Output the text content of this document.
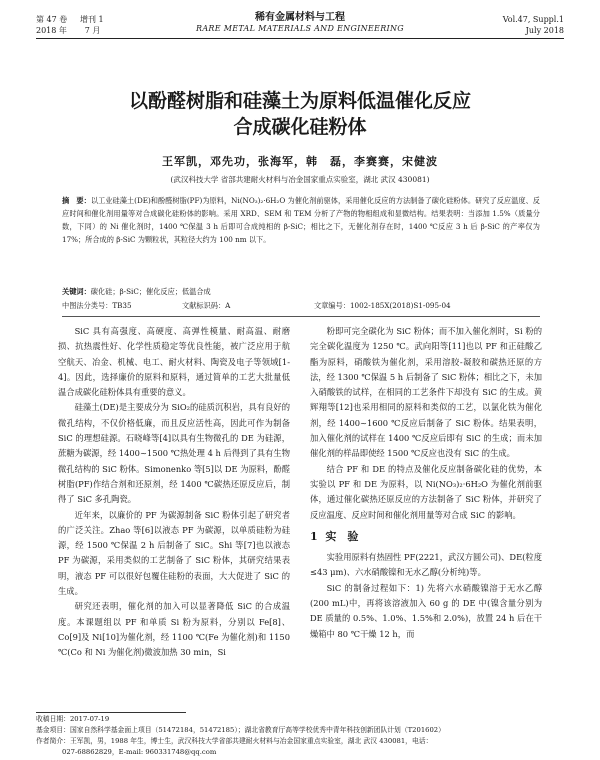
第 47 卷 增刊 1
2018 年 7 月
稀有金属材料与工程
RARE METAL MATERIALS AND ENGINEERING
Vol.47, Suppl.1
July 2018
以酚醛树脂和硅藻土为原料低温催化反应
合成碳化硅粉体
王军凯，邓先功，张海军，韩　磊，李赛赛，宋健波
(武汉科技大学 省部共建耐火材料与冶金国家重点实验室，湖北 武汉 430081)
摘　要：以工业硅藻土(DE)和酚醛树脂(PF)为原料，Ni(NO₃)₂·6H₂O 为催化剂前驱体，采用催化反应的方法制备了碳化硅粉体。研究了反应温度、反应时间和催化剂用量等对合成碳化硅粉体的影响。采用 XRD、SEM 和 TEM 分析了产物的物相组成和显微结构。结果表明：当添加 1.5%（质量分数，下同）的 Ni 催化剂时，1400 ℃保温 3 h 后即可合成纯相的 β-SiC；相比之下，无催化剂存在时，1400 ℃反应 3 h 后 β-SiC 的产率仅为 17%；所合成的 β-SiC 为颗粒状，其粒径大约为 100 nm 以下。
关键词：碳化硅；β-SiC；催化反应；低温合成
中图法分类号：TB35	文献标识码：A	文章编号：1002-185X(2018)S1-095-04

SiC 具有高强度、高硬度、高弹性模量、耐高温、耐磨损、抗热震性好、化学性质稳定等优良性能，被广泛应用于航空航天、冶金、机械、电工、耐火材料、陶瓷及电子等领域[1-4]。因此，选择廉价的原料和原料，通过简单的工艺大批量低温合成碳化硅粉体具有重要的意义。

硅藻土(DE)是主要成分为 SiO₂的硅质沉积岩，具有良好的微孔结构，不仅价格低廉，而且反应活性高，因此可作为制备 SiC 的理想硅源。石晓峰等[4]以具有生物微孔的 DE 为硅源，蔗糖为碳源，经 1400~1500 ℃热处理 4 h 后得到了具有生物微孔结构的 SiC 粉体。Simonenko 等[5]以 DE 为原料，酚醛树脂(PF)作结合剂和还原剂，经 1400 ℃碳热还原反应后，制得了 SiC 多孔陶瓷。

近年来，以廉价的 PF 为碳源制备 SiC 粉体引起了研究者的广泛关注。Zhao 等[6]以液态 PF 为碳源，以单质硅粉为硅源，经 1500 ℃保温 2 h 后制备了 SiC。Shi 等[7]也以液态 PF 为碳源，采用类似的工艺制备了 SiC 粉体，其研究结果表明，液态 PF 可以很好包覆住硅粉的表面，大大促进了 SiC 的生成。

研究还表明，催化剂的加入可以显著降低 SiC 的合成温度。本课题组以 PF 和单质 Si 粉为原料，分别以 Fe[8]、Co[9]及 Ni[10]为催化剂，经 1100 ℃(Fe 为催化剂)和 1150 ℃(Co 和 Ni 为催化剂)微波加热 30 min，Si

粉即可完全碳化为 SiC 粉体；而不加入催化剂时，Si 粉的完全碳化温度为 1250 ℃。武向阳等[11]也以 PF 和正硅酸乙酯为原料，硝酸铁为催化剂，采用溶胶-凝胶和碳热还原的方法，经 1300 ℃保温 5 h 后制备了 SiC 粉体；相比之下，未加入硝酸铁的试样，在相同的工艺条件下却没有 SiC 的生成。黄辉翔等[12]也采用相同的原料和类似的工艺，以氯化铁为催化剂，经 1400~1600 ℃反应后制备了 SiC 粉体。结果表明，加入催化剂的试样在 1400 ℃反应后即有 SiC 的生成；而未加催化剂的样品即使经 1500 ℃反应也没有 SiC 的生成。

结合 PF 和 DE 的特点及催化反应制备碳化硅的优势，本实验以 PF 和 DE 为原料，以 Ni(NO₃)₂·6H₂O 为催化剂前驱体，通过催化碳热还原反应的方法制备了 SiC 粉体，并研究了反应温度、反应时间和催化剂用量等对合成 SiC 的影响。

1 实　验

实验用原料有热固性 PF(2221，武汉方圆公司)、DE(粒度≤43 μm)、六水硝酸镍和无水乙醇(分析纯)等。

SiC 的制备过程如下：1) 先将六水硝酸镍溶于无水乙醇(200 mL)中，再将该溶液加入 60 g 的 DE 中(镍含量分别为 DE 质量的 0.5%、1.0%、1.5%和 2.0%)，放置 24 h 后在干燥箱中 80 ℃干燥 12 h，而

收稿日期：2017-07-19
基金项目：国家自然科学基金面上项目（51472184，51472185）；湖北省教育厅高等学校优秀中青年科技创新团队计划（T201602）
作者简介：王军凯，男，1988 年生，博士生，武汉科技大学省部共建耐火材料与冶金国家重点实验室，湖北 武汉 430081，电话：
027-68862829，E-mail: 960331748@qq.com
